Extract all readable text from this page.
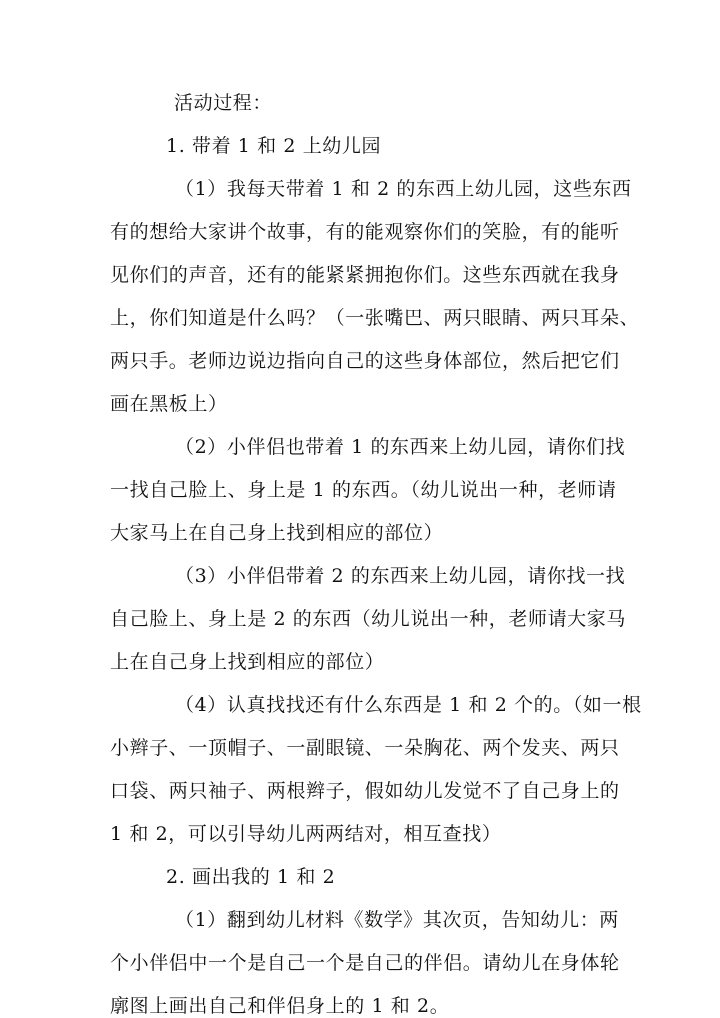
活动过程：
1. 带着 1 和 2 上幼儿园
（1）我每天带着 1 和 2 的东西上幼儿园，这些东西
有的想给大家讲个故事，有的能观察你们的笑脸，有的能听
见你们的声音，还有的能紧紧拥抱你们。这些东西就在我身
上，你们知道是什么吗？（一张嘴巴、两只眼睛、两只耳朵、
两只手。老师边说边指向自己的这些身体部位，然后把它们
画在黑板上）
（2）小伴侣也带着 1 的东西来上幼儿园，请你们找
一找自己脸上、身上是 1 的东西。（幼儿说出一种，老师请
大家马上在自己身上找到相应的部位）
（3）小伴侣带着 2 的东西来上幼儿园，请你找一找
自己脸上、身上是 2 的东西（幼儿说出一种，老师请大家马
上在自己身上找到相应的部位）
（4）认真找找还有什么东西是 1 和 2 个的。（如一根
小辫子、一顶帽子、一副眼镜、一朵胸花、两个发夹、两只
口袋、两只袖子、两根辫子，假如幼儿发觉不了自己身上的
1 和 2，可以引导幼儿两两结对，相互查找）
2. 画出我的 1 和 2
（1）翻到幼儿材料《数学》其次页，告知幼儿：两
个小伴侣中一个是自己一个是自己的伴侣。请幼儿在身体轮
廓图上画出自己和伴侣身上的 1 和 2。
